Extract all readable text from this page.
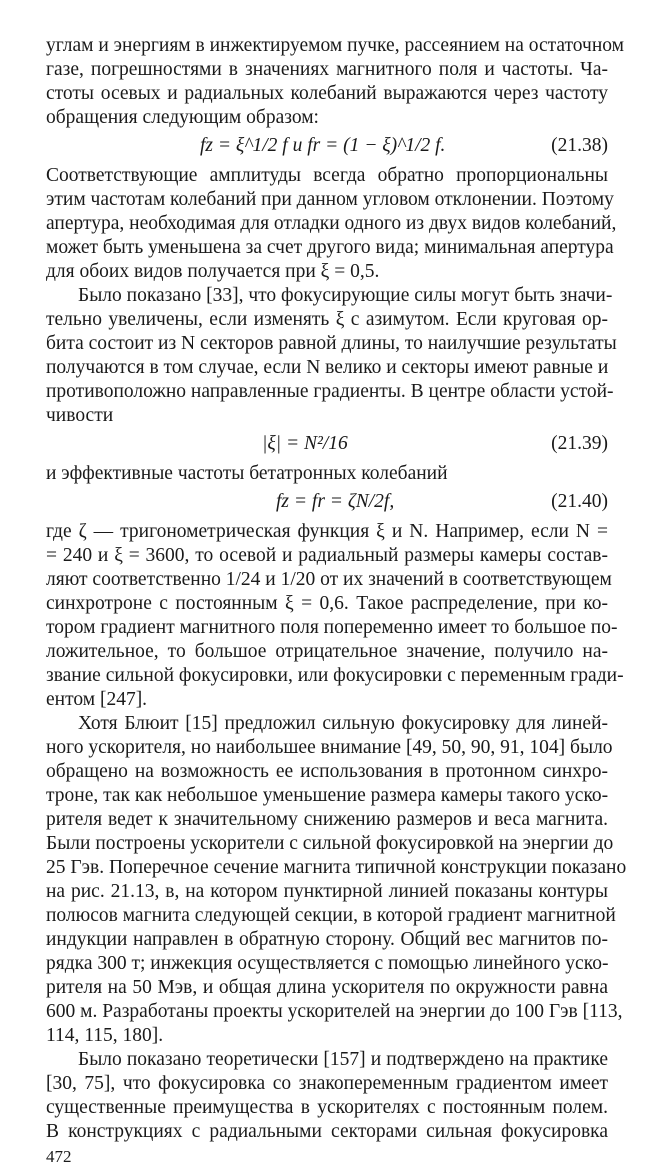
углам и энергиям в инжектируемом пучке, рассеянием на остаточном
газе, погрешностями в значениях магнитного поля и частоты. Ча-
стоты осевых и радиальных колебаний выражаются через частоту
обращения следующим образом:
fz = ξ^1/2 f и fr = (1 − ξ)^1/2 f.	(21.38)
Соответствующие амплитуды всегда обратно пропорциональны
этим частотам колебаний при данном угловом отклонении. Поэтому
апертура, необходимая для отладки одного из двух видов колебаний,
может быть уменьшена за счет другого вида; минимальная апертура
для обоих видов получается при ξ = 0,5.
Было показано [33], что фокусирующие силы могут быть значи-
тельно увеличены, если изменять ξ с азимутом. Если круговая ор-
бита состоит из N секторов равной длины, то наилучшие результаты
получаются в том случае, если N велико и секторы имеют равные и
противоположно направленные градиенты. В центре области устой-
чивости
|ξ| = N²/16	(21.39)
и эффективные частоты бетатронных колебаний
fz = fr = ζN/2f,	(21.40)
где ζ — тригонометрическая функция ξ и N. Например, если N =
= 240 и ξ = 3600, то осевой и радиальный размеры камеры состав-
ляют соответственно 1/24 и 1/20 от их значений в соответствующем
синхротроне с постоянным ξ = 0,6. Такое распределение, при ко-
тором градиент магнитного поля попеременно имеет то большое по-
ложительное, то большое отрицательное значение, получило на-
звание сильной фокусировки, или фокусировки с переменным гради-
ентом [247].
Хотя Блюит [15] предложил сильную фокусировку для линей-
ного ускорителя, но наибольшее внимание [49, 50, 90, 91, 104] было
обращено на возможность ее использования в протонном синхро-
троне, так как небольшое уменьшение размера камеры такого уско-
рителя ведет к значительному снижению размеров и веса магнита.
Были построены ускорители с сильной фокусировкой на энергии до
25 Гэв. Поперечное сечение магнита типичной конструкции показано
на рис. 21.13, в, на котором пунктирной линией показаны контуры
полюсов магнита следующей секции, в которой градиент магнитной
индукции направлен в обратную сторону. Общий вес магнитов по-
рядка 300 т; инжекция осуществляется с помощью линейного уско-
рителя на 50 Мэв, и общая длина ускорителя по окружности равна
600 м. Разработаны проекты ускорителей на энергии до 100 Гэв [113,
114, 115, 180].
Было показано теоретически [157] и подтверждено на практике
[30, 75], что фокусировка со знакопеременным градиентом имеет
существенные преимущества в ускорителях с постоянным полем.
В конструкциях с радиальными секторами сильная фокусировка
472
